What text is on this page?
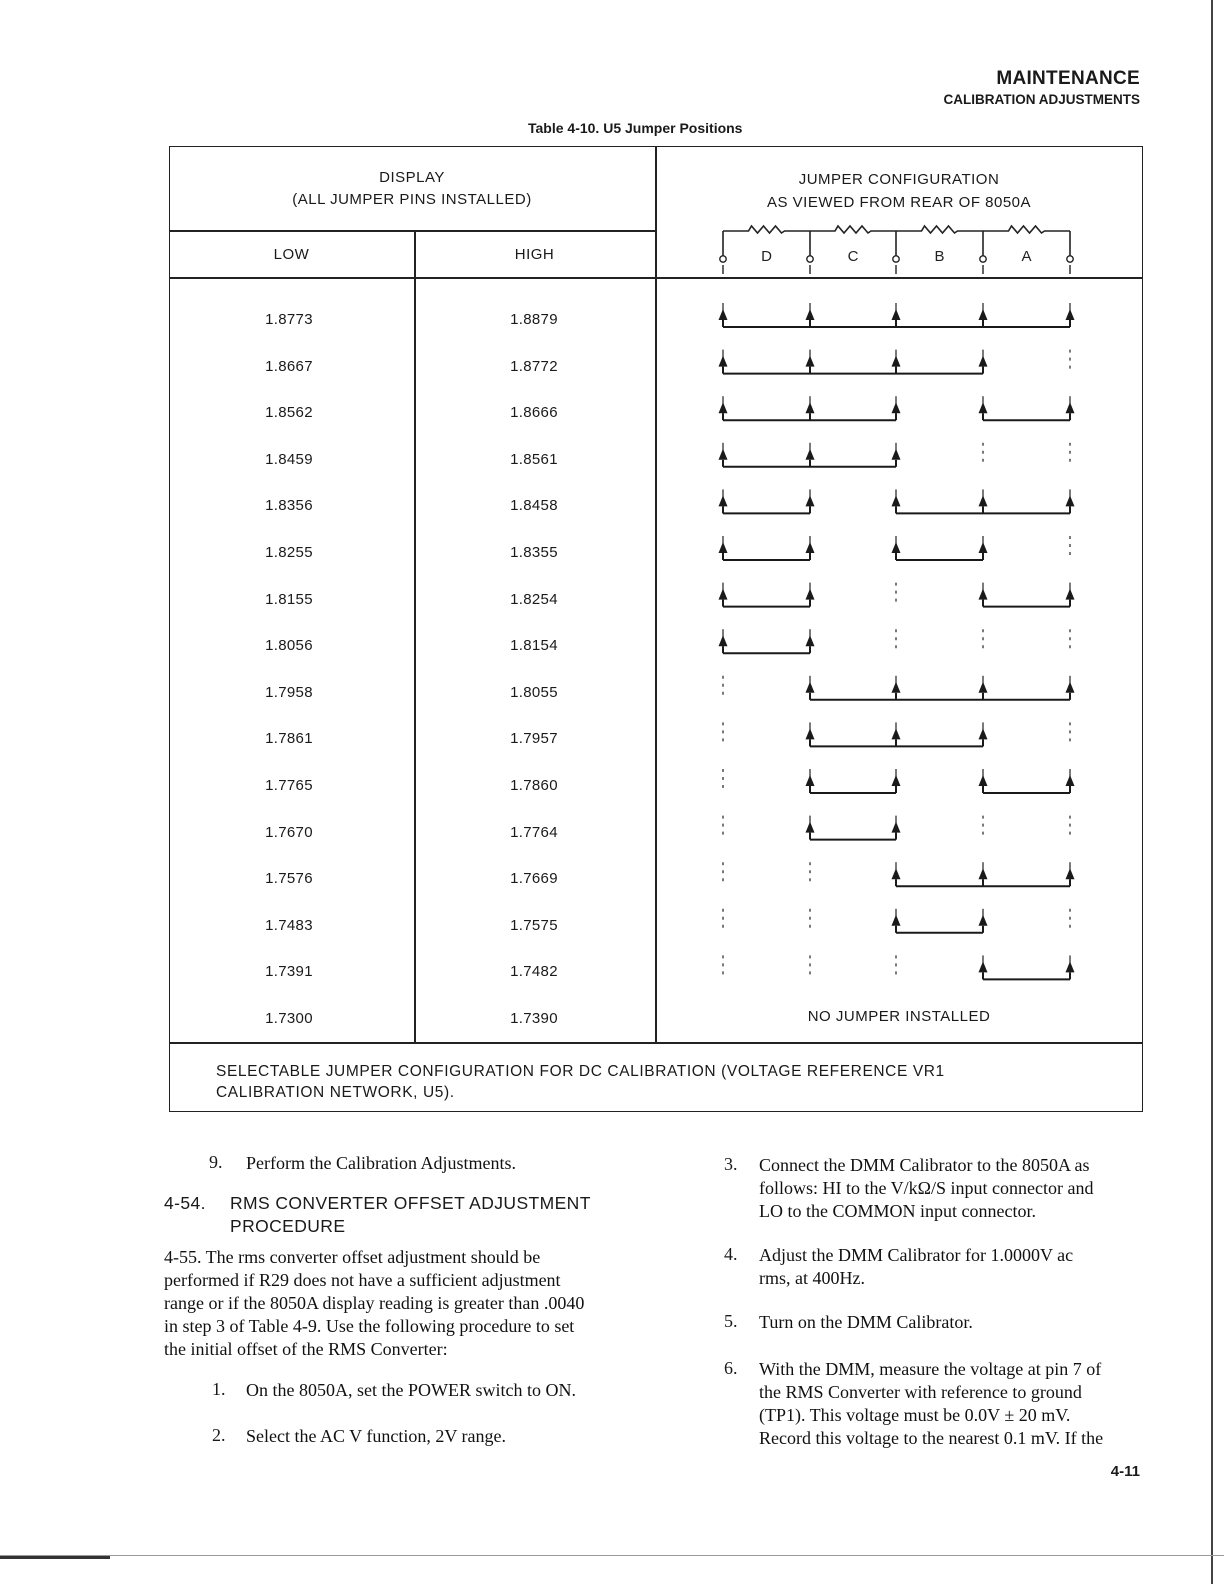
MAINTENANCE
CALIBRATION ADJUSTMENTS
Table 4-10. U5 Jumper Positions
DISPLAY
(ALL JUMPER PINS INSTALLED)
JUMPER CONFIGURATION
AS VIEWED FROM REAR OF 8050A
LOW	HIGH
1.8773	1.8879
1.8667	1.8772
1.8562	1.8666
1.8459	1.8561
1.8356	1.8458
1.8255	1.8355
1.8155	1.8254
1.8056	1.8154
1.7958	1.8055
1.7861	1.7957
1.7765	1.7860
1.7670	1.7764
1.7576	1.7669
1.7483	1.7575
1.7391	1.7482
1.7300	1.7390
D	C	B	A
NO JUMPER INSTALLED
SELECTABLE JUMPER CONFIGURATION FOR DC CALIBRATION (VOLTAGE REFERENCE VR1
CALIBRATION NETWORK, U5).
9. Perform the Calibration Adjustments.
4-54. RMS CONVERTER OFFSET ADJUSTMENT
PROCEDURE
4-55. The rms converter offset adjustment should be
performed if R29 does not have a sufficient adjustment
range or if the 8050A display reading is greater than .0040
in step 3 of Table 4-9. Use the following procedure to set
the initial offset of the RMS Converter:
1. On the 8050A, set the POWER switch to ON.
2. Select the AC V function, 2V range.
3. Connect the DMM Calibrator to the 8050A as
follows: HI to the V/kΩ/S input connector and
LO to the COMMON input connector.
4. Adjust the DMM Calibrator for 1.0000V ac
rms, at 400Hz.
5. Turn on the DMM Calibrator.
6. With the DMM, measure the voltage at pin 7 of
the RMS Converter with reference to ground
(TP1). This voltage must be 0.0V ± 20 mV.
Record this voltage to the nearest 0.1 mV. If the
4-11
